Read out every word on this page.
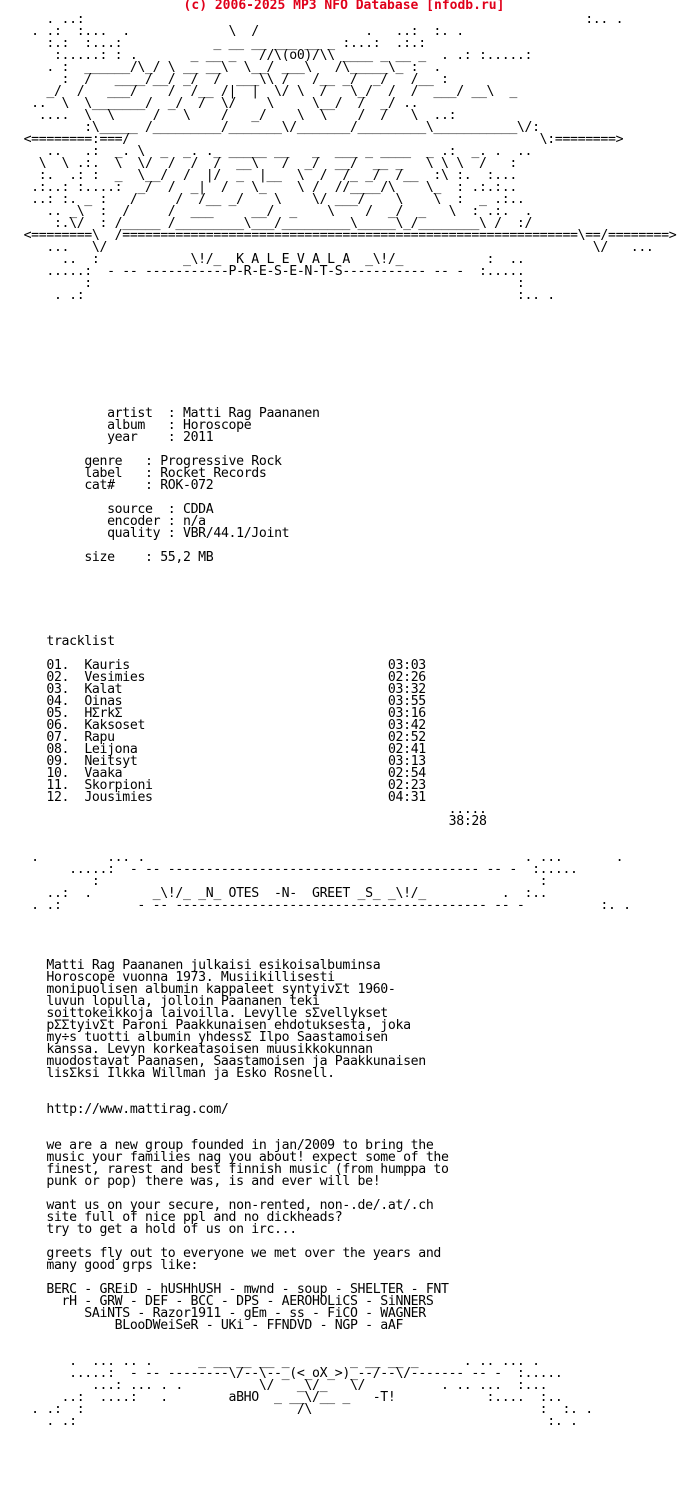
(c) 2006-2025 MP3 NFO Database [nfodb.ru]
. ..:                                                                  :.. .
. .:  :...  .             \  /              .   ..:  :. .
:.:  :...:            _ __ __ ___ __ _ :...:  .:.:
:.....: : .       _ __ _   //\(o0)/\\ ____ _ __ _  . .: :.....:
. :  ______/\_/ \ __ __\  \__/ ___\   /\_____\_ :  .
:  /   ____/__/ _/  /  ___\\ /   /__ _/  _/   /__ :
_/  /   ___/    /  /__ /|  |  \/ \  /   \_/  /  /  ___/ __\  _
..  \  \_______/  _/  /  \/    \     \__/  /  _/ ..
....  \  \     /   \    /   _/    \  \    /  /   \  ..:
:\_____ /_________/_______\/_______/_________\___________\/:
<========:===/                                                      \:========>
..   .:  _. \  _  _. ._ _____ __   _  ___ _ ____  _ .:  _. .  ..
\  \ .:.  \  \/  /  /  /  __\   /  _/  __/  __ _   \ \ \  /   :
:.  .: :  _  \__/  /  |/  _  |__  \  /  /_ _/  /__  :\ :.  :...
.:..: :....:  _/  /  _|  /   \_    \ /  //____/\    \_  : .:.:..
..: :. _ :   /     /  /__ _/    \    \/ ___/    \    \  :  _ .:..
.. _\  :  /     /  ___     __/  _    \    /  _/  _   \  : .:.  .
:.\/  : /_____ /_________\___/_________\_____\_/________\ /  :/
<========\  /============================================================\==/========>
...   \/                                                                \/   ...
..  :           _\!/_  K A L E V A L A  _\!/_           :  ..
.....:  - -- -----------P-R-E-S-E-N-T-S----------- -- -  :.....
:                                                        :
. .:                                                         :.. .
artist  : Matti Rag Paananen
album   : Horoscope
year    : 2011

genre   : Progressive Rock
label   : Rocket Records
cat#    : ROK-072

source  : CDDA
encoder : n/a
quality : VBR/44.1/Joint

size    : 55,2 MB
tracklist

01. Kauris	03:03
02. Vesimies	02:26
03. Kalat	03:32
04. Oinas	03:55
05. HΣrkΣ	03:16
06. Kaksoset	03:42
07. Rapu	02:52
08. Leijona	02:41
09. Neitsyt	03:13
10. Vaaka	02:54
11. Skorpioni	02:23
12. Jousimies	04:31
.....
38:28
.         ... .                                                  . ...       .
.....:  - -- ----------------------------------------- -- -  :.....
:                                                          :
..:  .        _\!/_ _N_ OTES  -N-  GREET _S_ _\!/_          .  :..
. .:          - -- ----------------------------------------- -- -          :. .
Matti Rag Paananen julkaisi esikoisalbuminsa
Horoscope vuonna 1973. Musiikillisesti
monipuolisen albumin kappaleet syntyivΣt 1960-
luvun lopulla, jolloin Paananen teki
soittokeikkoja laivoilla. Levylle sΣvellykset
pΣΣtyivΣt Paroni Paakkunaisen ehdotuksesta, joka
my÷s tuotti albumin yhdessΣ Ilpo Saastamoisen
kanssa. Levyn korkeatasoisen muusikkokunnan
muodostavat Paanasen, Saastamoisen ja Paakkunaisen
lisΣksi Ilkka Willman ja Esko Rosnell.

http://www.mattirag.com/

we are a new group founded in jan/2009 to bring the
music your families nag you about! expect some of the
finest, rarest and best finnish music (from humppa to
punk or pop) there was, is and ever will be!

want us on your secure, non-rented, non-.de/.at/.ch
site full of nice ppl and no dickheads?
try to get a hold of us on irc...

greets fly out to everyone we met over the years and
many good grps like:

BERC - GREiD - hUSHhUSH - mwnd - soup - SHELTER - FNT
rH - GRW - DEF - BCC - DPS - AEROHOLiCS - SiNNERS
SAiNTS - Razor1911 - gEm - ss - FiCO - WAGNER
BLooDWeiSeR - UKi - FFNDVD - NGP - aAF
.  ... .. .      _ __ __ __ _        _ __ __ _      . .. ... .
.....:  - -- --------\/--\--_(<_oX_>)_--/--\/------- -- -  :.....
...: ... . .          \/   _\/_   \/          . .. ...  :...
..:  ....:   .        aBHO  _ __\/__ _   -T!            :....  :..
. .:  :                            /\                              :  :. .
. .:                                                              :. .
